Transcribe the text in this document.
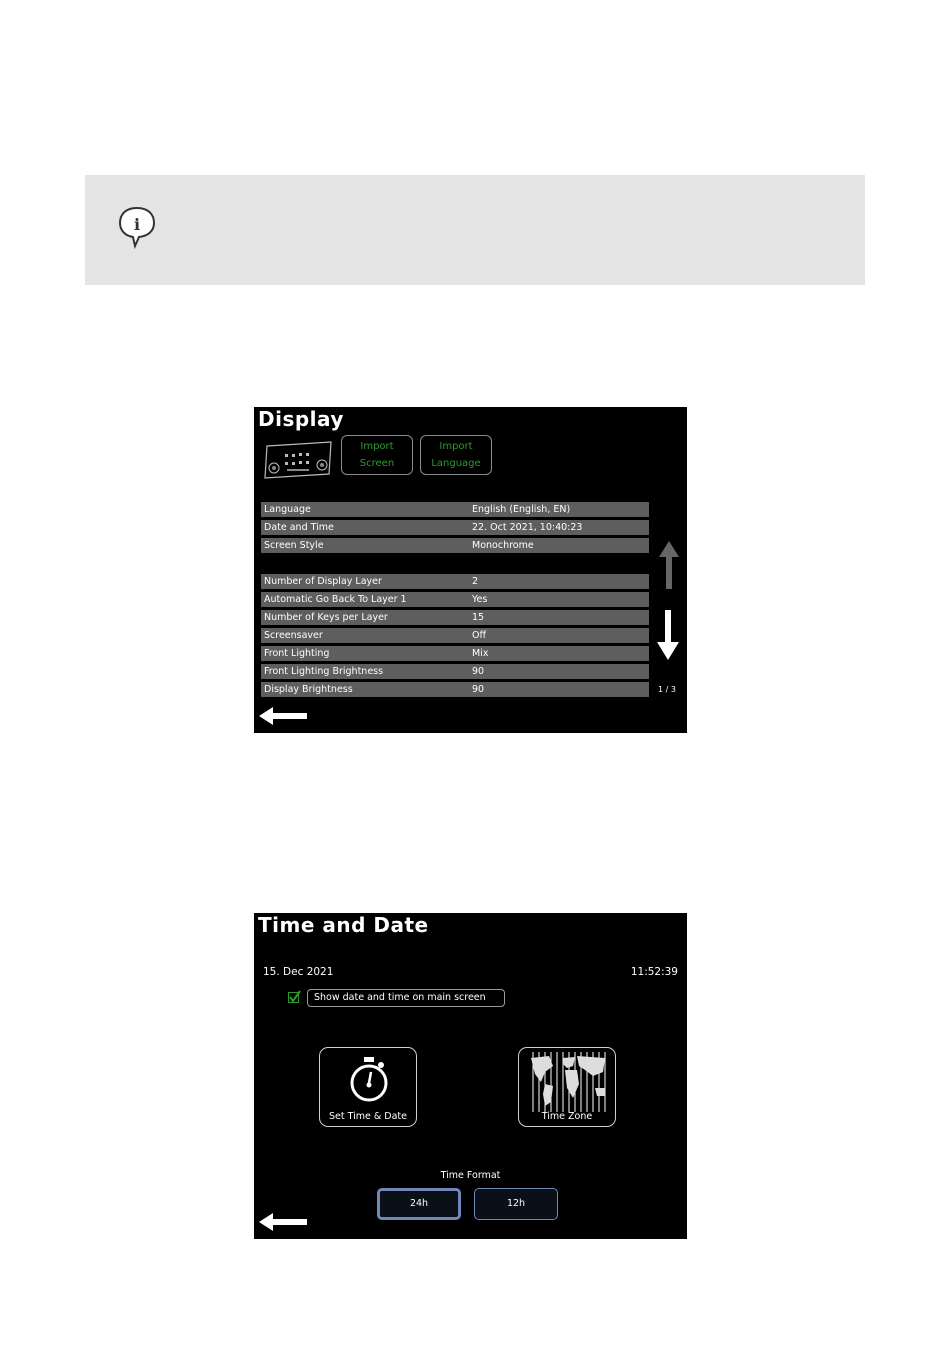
i
Display
Import
Screen
Import
Language
Language	English (English, EN)
Date and Time	22. Oct 2021, 10:40:23
Screen Style	Monochrome
Number of Display Layer	2
Automatic Go Back To Layer 1	Yes
Number of Keys per Layer	15
Screensaver	Off
Front Lighting	Mix
Front Lighting Brightness	90
Display Brightness	90	1 / 3
Time and Date
15. Dec 2021	11:52:39
Show date and time on main screen
Set Time & Date	Time Zone
Time Format
24h	12h
